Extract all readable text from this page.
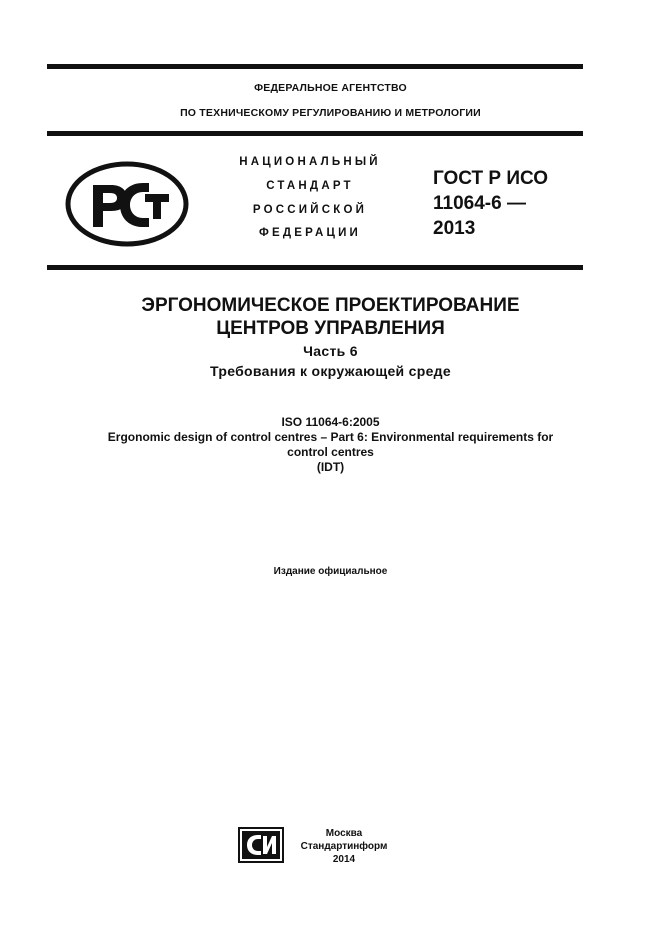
ФЕДЕРАЛЬНОЕ АГЕНТСТВО
ПО ТЕХНИЧЕСКОМУ РЕГУЛИРОВАНИЮ И МЕТРОЛОГИИ
НАЦИОНАЛЬНЫЙ
СТАНДАРТ
РОССИЙСКОЙ
ФЕДЕРАЦИИ
ГОСТ Р ИСО
11064-6 —
2013
ЭРГОНОМИЧЕСКОЕ ПРОЕКТИРОВАНИЕ
ЦЕНТРОВ УПРАВЛЕНИЯ
Часть 6
Требования к окружающей среде
ISO 11064-6:2005
Ergonomic design of control centres – Part 6: Environmental requirements for
control centres
(IDT)
Издание официальное
Москва
Стандартинформ
2014
